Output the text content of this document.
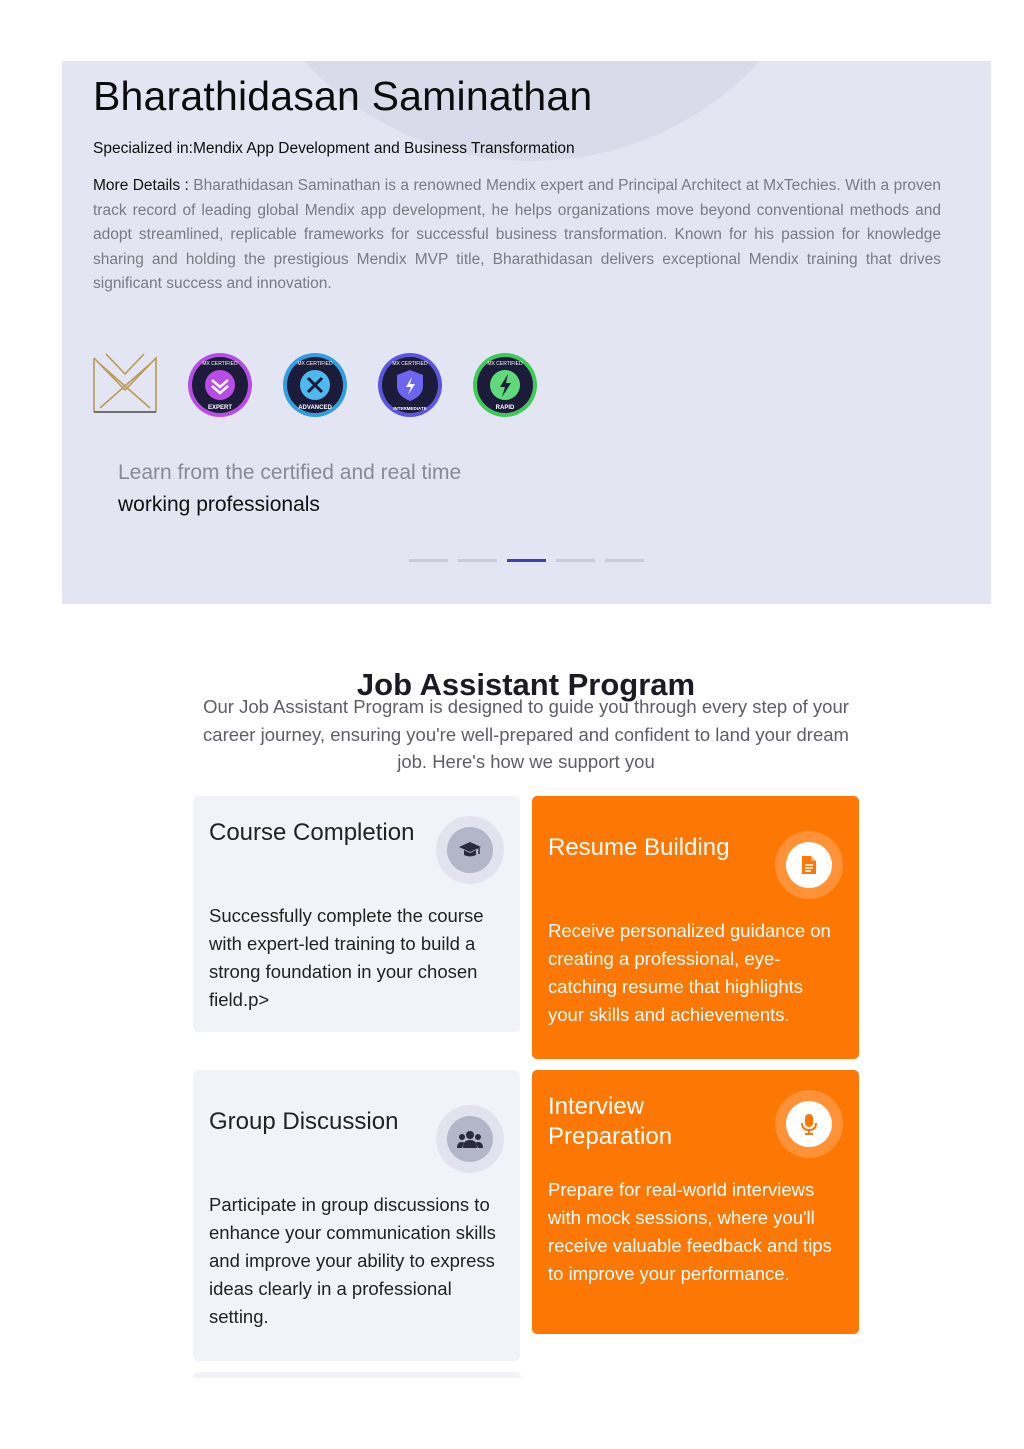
Bharathidasan Saminathan
Specialized in:Mendix App Development and Business Transformation
More Details : Bharathidasan Saminathan is a renowned Mendix expert and Principal Architect at MxTechies. With a proven track record of leading global Mendix app development, he helps organizations move beyond conventional methods and adopt streamlined, replicable frameworks for successful business transformation. Known for his passion for knowledge sharing and holding the prestigious Mendix MVP title, Bharathidasan delivers exceptional Mendix training that drives significant success and innovation.
MX CERTIFIED
EXPERT
MX CERTIFIED
ADVANCED
MX CERTIFIED
INTERMEDIATE
MX CERTIFIED
RAPID
Learn from the certified and real time
working professionals
Job Assistant Program

Our Job Assistant Program is designed to guide you through every step of your career journey, ensuring you're well-prepared and confident to land your dream job. Here's how we support you

Course Completion
Successfully complete the course with expert-led training to build a strong foundation in your chosen field.p>
Resume Building
Receive personalized guidance on creating a professional, eye-catching resume that highlights your skills and achievements.
Group Discussion
Participate in group discussions to enhance your communication skills and improve your ability to express ideas clearly in a professional setting.
Interview Preparation
Prepare for real-world interviews with mock sessions, where you'll receive valuable feedback and tips to improve your performance.
